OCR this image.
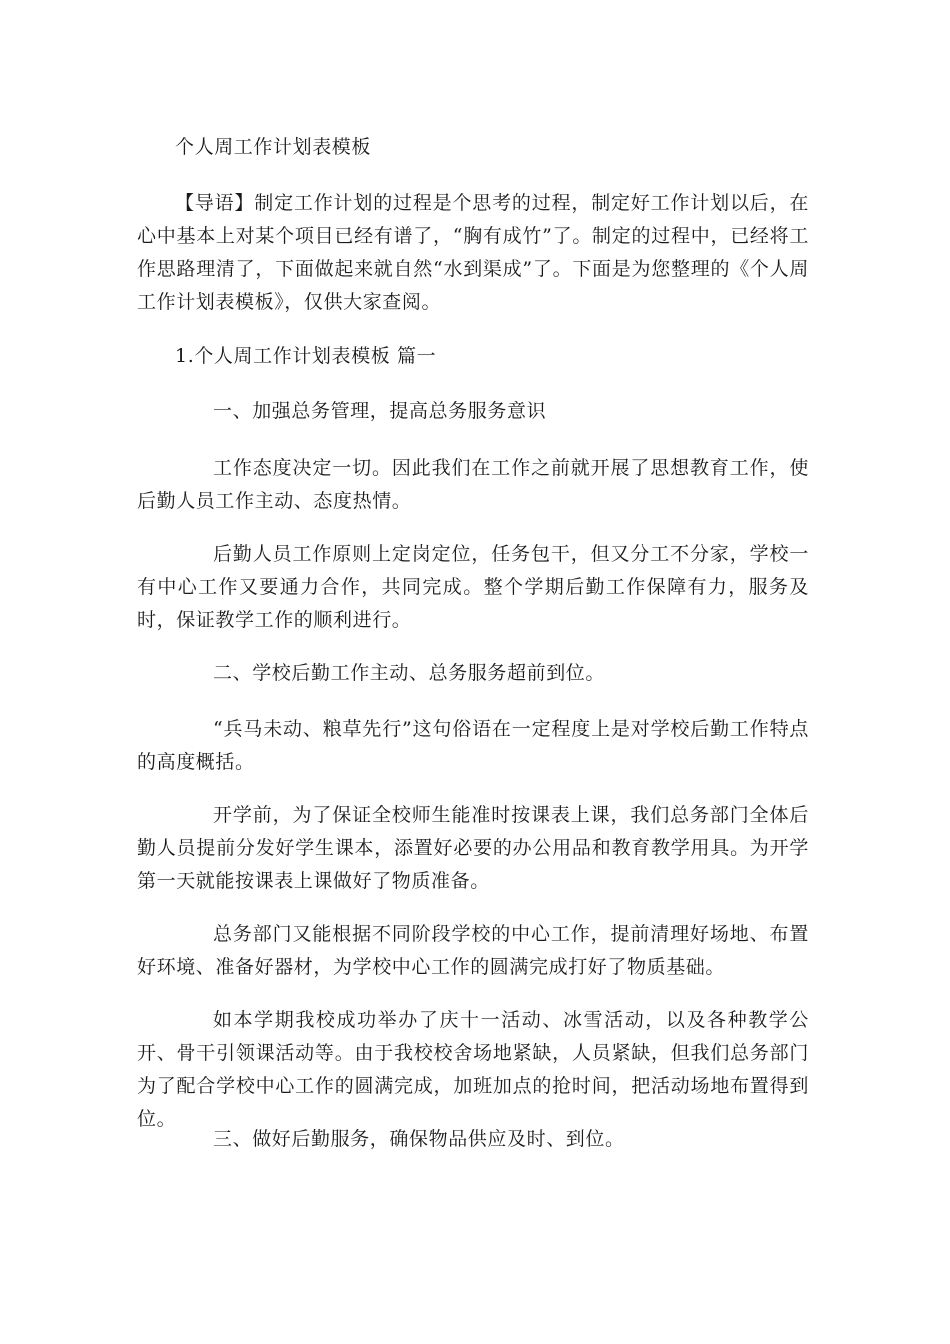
个人周工作计划表模板

【导语】制定工作计划的过程是个思考的过程，制定好工作计划以后，在心中基本上对某个项目已经有谱了，“胸有成竹”了。制定的过程中，已经将工作思路理清了，下面做起来就自然“水到渠成”了。下面是为您整理的《个人周工作计划表模板》，仅供大家查阅。

1.个人周工作计划表模板 篇一

一、加强总务管理，提高总务服务意识

工作态度决定一切。因此我们在工作之前就开展了思想教育工作，使后勤人员工作主动、态度热情。

后勤人员工作原则上定岗定位，任务包干，但又分工不分家，学校一有中心工作又要通力合作，共同完成。整个学期后勤工作保障有力，服务及时，保证教学工作的顺利进行。

二、学校后勤工作主动、总务服务超前到位。

“兵马未动、粮草先行”这句俗语在一定程度上是对学校后勤工作特点的高度概括。

开学前，为了保证全校师生能准时按课表上课，我们总务部门全体后勤人员提前分发好学生课本，添置好必要的办公用品和教育教学用具。为开学第一天就能按课表上课做好了物质准备。

总务部门又能根据不同阶段学校的中心工作，提前清理好场地、布置好环境、准备好器材，为学校中心工作的圆满完成打好了物质基础。

如本学期我校成功举办了庆十一活动、冰雪活动，以及各种教学公开、骨干引领课活动等。由于我校校舍场地紧缺，人员紧缺，但我们总务部门为了配合学校中心工作的圆满完成，加班加点的抢时间，把活动场地布置得到位。

三、做好后勤服务，确保物品供应及时、到位。
